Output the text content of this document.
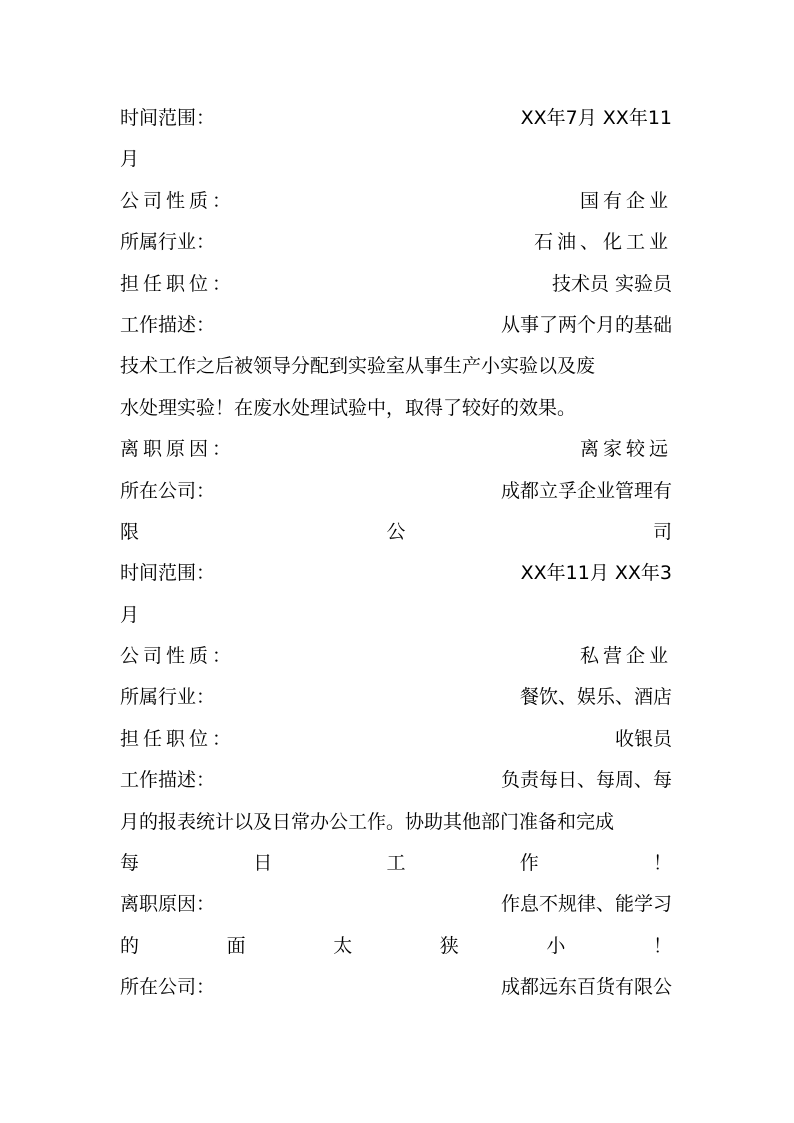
时间范围：	XX年7月 XX年11
月
公司性质：	国有企业
所属行业：	石油、化工业
担任职位：	技术员 实验员
工作描述：	从事了两个月的基础
技术工作之后被领导分配到实验室从事生产小实验以及废
水处理实验！在废水处理试验中，取得了较好的效果。
离职原因：	离家较远
所在公司：	成都立孚企业管理有
限	公	司
时间范围：	XX年11月 XX年3
月
公司性质：	私营企业
所属行业：	餐饮、娱乐、酒店
担任职位：	收银员
工作描述：	负责每日、每周、每
月的报表统计以及日常办公工作。协助其他部门准备和完成
每	日	工	作	！
离职原因：	作息不规律、能学习
的	面	太	狭	小	！
所在公司：	成都远东百货有限公
